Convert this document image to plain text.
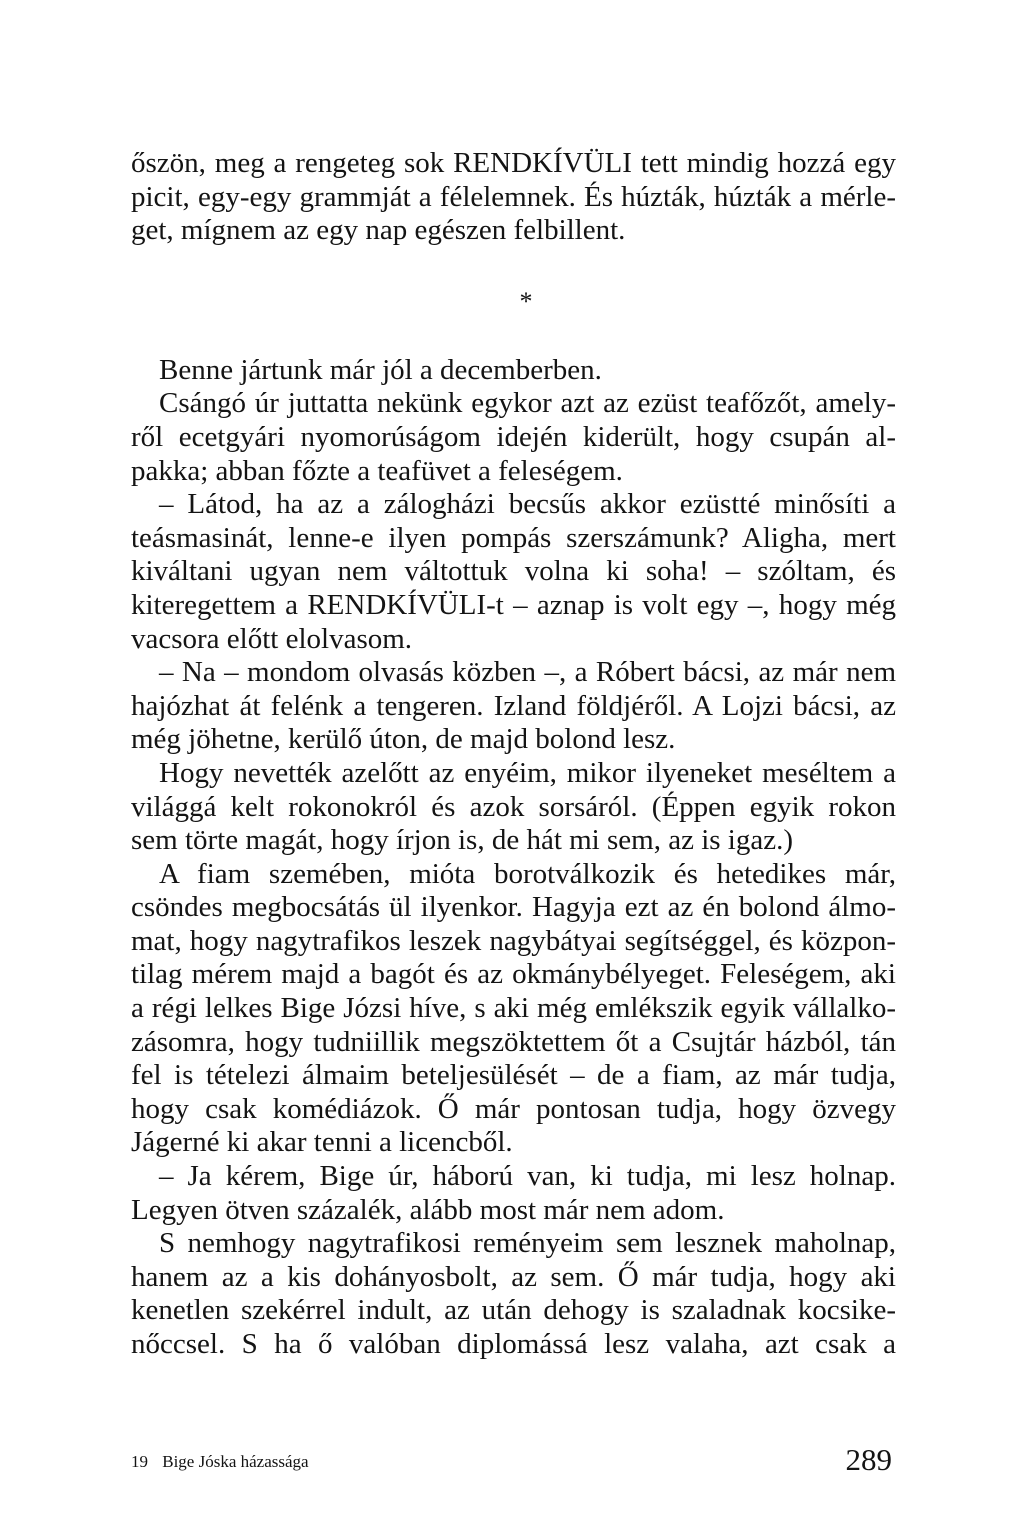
őszön, meg a rengeteg sok RENDKÍVÜLI tett mindig hozzá egy
picit, egy-egy grammját a félelemnek. És húzták, húzták a mérle-
get, mígnem az egy nap egészen felbillent.
*
Benne jártunk már jól a decemberben.
Csángó úr juttatta nekünk egykor azt az ezüst teafőzőt, amely-
ről ecetgyári nyomorúságom idején kiderült, hogy csupán al-
pakka; abban főzte a teafüvet a feleségem.
– Látod, ha az a zálogházi becsűs akkor ezüstté minősíti a
teásmasinát, lenne-e ilyen pompás szerszámunk? Aligha, mert
kiváltani ugyan nem váltottuk volna ki soha! – szóltam, és
kiteregettem a RENDKÍVÜLI-t – aznap is volt egy –, hogy még
vacsora előtt elolvasom.
– Na – mondom olvasás közben –, a Róbert bácsi, az már nem
hajózhat át felénk a tengeren. Izland földjéről. A Lojzi bácsi, az
még jöhetne, kerülő úton, de majd bolond lesz.
Hogy nevették azelőtt az enyéim, mikor ilyeneket meséltem a
világgá kelt rokonokról és azok sorsáról. (Éppen egyik rokon
sem törte magát, hogy írjon is, de hát mi sem, az is igaz.)
A fiam szemében, mióta borotválkozik és hetedikes már,
csöndes megbocsátás ül ilyenkor. Hagyja ezt az én bolond álmo-
mat, hogy nagytrafikos leszek nagybátyai segítséggel, és közpon-
tilag mérem majd a bagót és az okmánybélyeget. Feleségem, aki
a régi lelkes Bige Józsi híve, s aki még emlékszik egyik vállalko-
zásomra, hogy tudniillik megszöktettem őt a Csujtár házból, tán
fel is tételezi álmaim beteljesülését – de a fiam, az már tudja,
hogy csak komédiázok. Ő már pontosan tudja, hogy özvegy
Jágerné ki akar tenni a licencből.
– Ja kérem, Bige úr, háború van, ki tudja, mi lesz holnap.
Legyen ötven százalék, alább most már nem adom.
S nemhogy nagytrafikosi reményeim sem lesznek maholnap,
hanem az a kis dohányosbolt, az sem. Ő már tudja, hogy aki
kenetlen szekérrel indult, az után dehogy is szaladnak kocsike-
nőccsel. S ha ő valóban diplomássá lesz valaha, azt csak a
19 Bige Jóska házassága	289
